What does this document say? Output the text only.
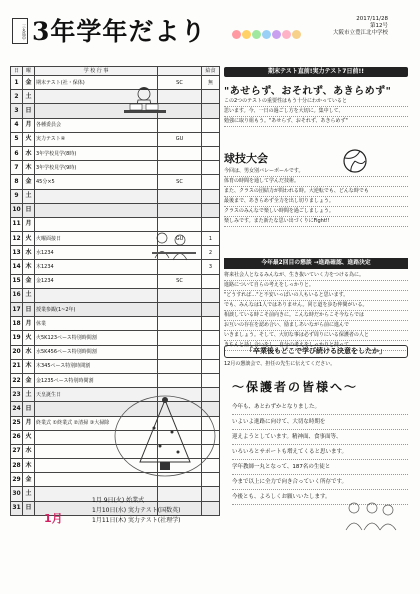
三丸島中 3年学年だより	2017/11/28
第12号
大阪市立豊江北中学校
日	曜	学 校 行 事		給食
1	金	期末テスト(社・保体)	SC	無
2	土			
3	日			
4	月	各種委員会		
5	火	実力テスト④	GU	
6	水	3年学校見学(8時)		
7	木	3年学校見学(9時)		
8	金	45分×5	SC	
9	土			
10	日			
11	月			
12	火	火曜面接日	GU	1
13	水	水1234		2
14	木	木1234		3
15	金	金1234	SC	
16	土			
17	日	授業参観(1~2年)		
18	月	休業		
19	火	火5K123ペース特別時間割		
20	水	水5K456ペース特別時間割		
21	木	木345ペース特別時間割		
22	金	金1235ペース特別時間割		
23	土	天皇誕生日		
24	日			
25	月	終業式 ①終業式 ②清掃 ③大掃除		
26	火			
27	水			
28	木			
29	金			
30	土			
31	日			
期末テスト直前!実力テスト7日前!!
"あせらず、おそれず、あきらめず"
この2つのテストの重要性はもう十分にわかっていると
思います。今、一日の過ごし方を大切に。集中して、
勉強に取り組もう。"あせらず、おそれず、あきらめず"
球技大会
今回は、男女別バレーボールです。
体育の時間を通して学んだ技術。
また、クラスの団結力が問われる時。大逆転でも、どんな時でも
最後まで、あきらめず全力を出し切りましょう。
クラスのみんなで楽しい時間を過ごしましょう。
楽しみです。また新たな思い出づくりにFight!!
今年最2回目の懇談 →進路確認、進路決定
将来社会人となるみんなが、生き抜いていく力をつける為に。
進路について自らの考えをしっかりと。
"どうすれば…"と不安いっぱいの人もいると思います。
でも、みんなは1人ではありません。同じ道を歩む仲間がいる。
相談している時こそ前向きに。こんな時だからこそ今ならでは
お互いの存在を認め合い、励ましあいながら前に進んで
いきましょう。そして、大切な事は必ず周りにいる保護者の人と
きちんと話し合いをし、自分の考えをしっかりと持って
「卒業後もどこで学び続ける決意をしたか」
12月の懇談会で、担任の先生に伝えてください。
～保護者の皆様へ～
今年も、あとわずかとなりました。
いよいよ進路に向けて、大切な時期を
迎えようとしています。精神面、食事面等、
いろいろとサポートも増えてくると思います。
学年教師一丸となって、187名の生徒と
今まで以上に全力で向き合っていく所存です。
今後とも、よろしくお願いいたします。
1月
1月 9日(火) 始業式
1月10日(水) 実力テスト(国数英)
1月11日(木) 実力テスト(社理学)
